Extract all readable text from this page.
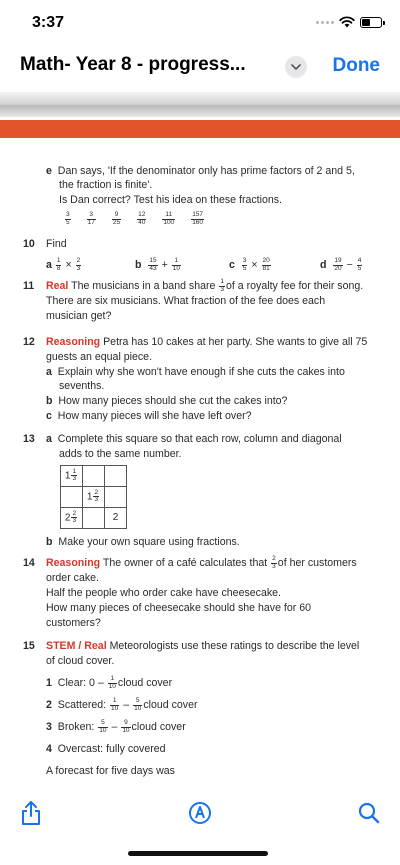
3:37
Math- Year 8 - progress...	Done
e Dan says, 'If the denominator only has prime factors of 2 and 5,
the fraction is finite'.
Is Dan correct? Test his idea on these fractions.
$\frac{3}{5} \frac{3}{17} \frac{9}{25} \frac{12}{40} \frac{11}{100} \frac{157}{160}$
10 Find
a $\frac{1}{8} \times \frac{2}{3}$	b $\frac{15}{43} + \frac{1}{10}$	c $\frac{3}{5} \times \frac{20}{81}$	d $\frac{19}{20} - \frac{4}{5}$
11 Real The musicians in a band share $\frac{1}{3}$ of a royalty fee for their song.
There are six musicians. What fraction of the fee does each
musician get?
12 Reasoning Petra has 10 cakes at her party. She wants to give all 75
guests an equal piece.
a Explain why she won't have enough if she cuts the cakes into
sevenths.
b How many pieces should she cut the cakes into?
c How many pieces will she have left over?
13 a Complete this square so that each row, column and diagonal
adds to the same number.
$1 \frac{1}{3}$

	$1 \frac{2}{3}$

$2 \frac{2}{3}$		2
b Make your own square using fractions.
14 Reasoning The owner of a café calculates that $\frac{2}{3}$ of her customers
order cake.
Half the people who order cake have cheesecake.
How many pieces of cheesecake should she have for 60
customers?
15 STEM / Real Meteorologists use these ratings to describe the level
of cloud cover.
1 Clear: $0 - \frac{1}{10}$ cloud cover
2 Scattered: $\frac{1}{10} - \frac{5}{10}$ cloud cover
3 Broken: $\frac{5}{10} - \frac{9}{10}$ cloud cover
4 Overcast: fully covered
A forecast for five days was
